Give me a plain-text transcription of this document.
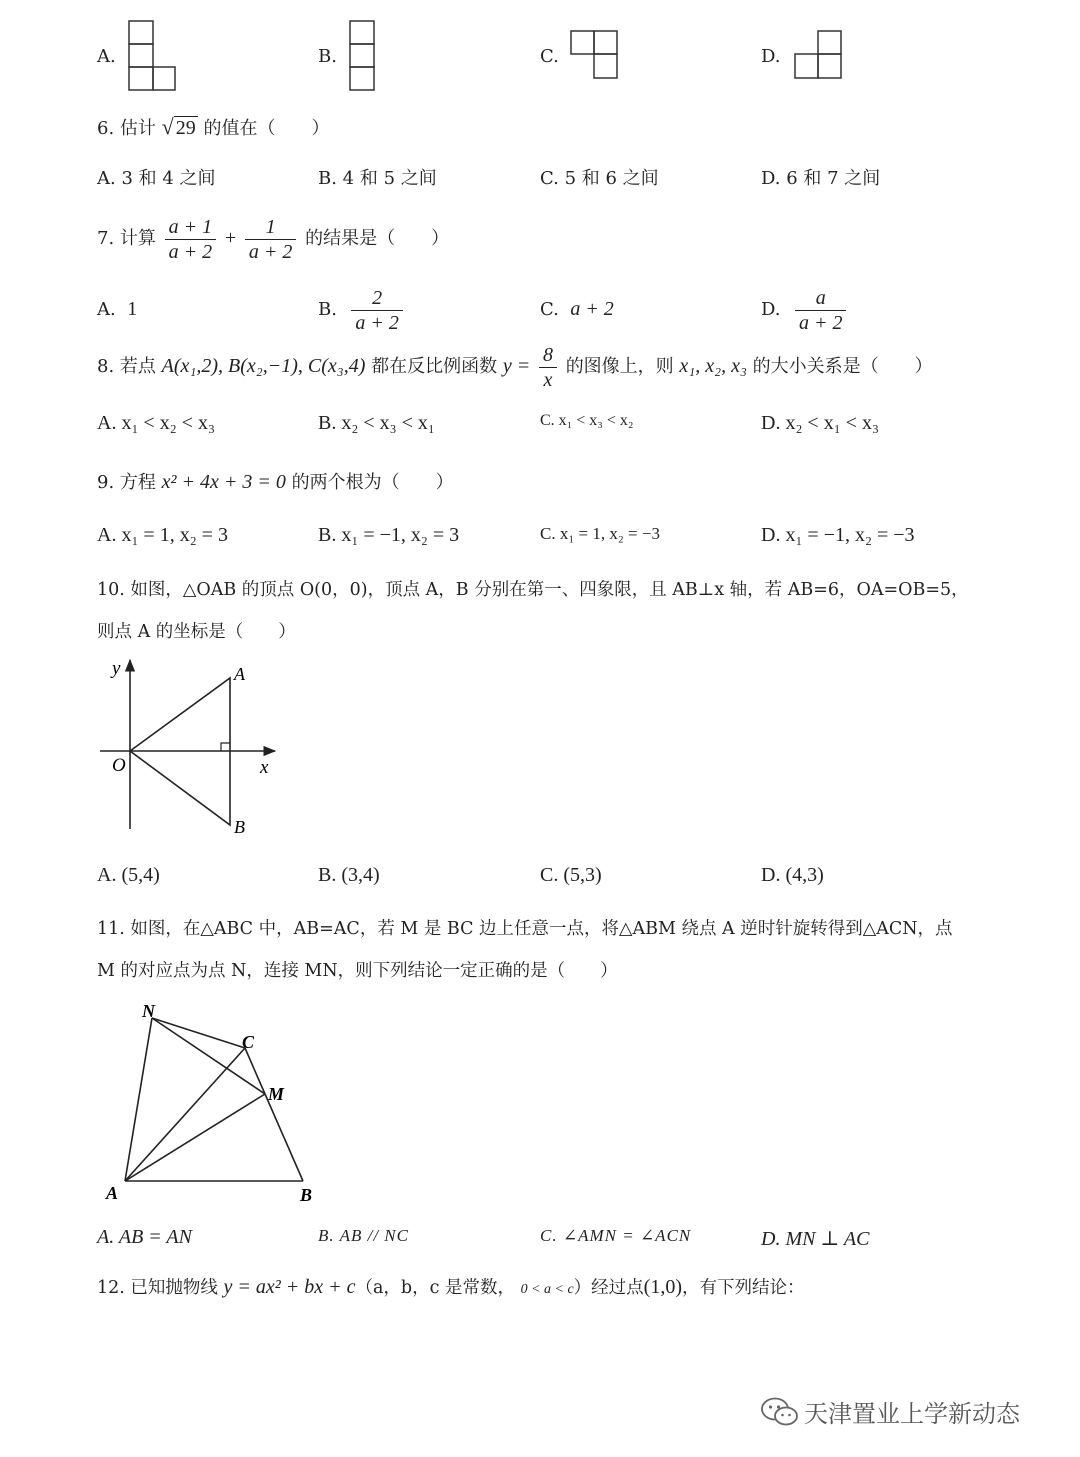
A.	B.	C.	D.
6. 估计 √ 29 的值在（　　）
A. 3 和 4 之间	B. 4 和 5 之间	C. 5 和 6 之间	D. 6 和 7 之间
7. 计算 $\frac{a + 1}{a + 2} + \frac{1}{a + 2}$ 的结果是（　　）
A. 1	B. $\frac{2}{a + 2}$	C. a + 2	D. $\frac{a}{a + 2}$
8. 若点 A(x₁,2), B(x₂,−1), C(x₃,4) 都在反比例函数 $y = \frac{8}{x}$ 的图像上，则 x₁, x₂, x₃ 的大小关系是（　　）
A. x₁ < x₂ < x₃	B. x₂ < x₃ < x₁	C. x₁ < x₃ < x₂	D. x₂ < x₁ < x₃
9. 方程 x² + 4x + 3 = 0 的两个根为（　　）
A. x₁ = 1, x₂ = 3	B. x₁ = −1, x₂ = 3	C. x₁ = 1, x₂ = −3	D. x₁ = −1, x₂ = −3
10. 如图，△OAB 的顶点 O(0，0)，顶点 A，B 分别在第一、四象限，且 AB⊥x 轴，若 AB=6，OA=OB=5，
则点 A 的坐标是（　　）
y
x
O
A
B
A. (5,4)	B. (3,4)	C. (5,3)	D. (4,3)
11. 如图，在△ABC 中，AB=AC，若 M 是 BC 边上任意一点，将△ABM 绕点 A 逆时针旋转得到△ACN，点
M 的对应点为点 N，连接 MN，则下列结论一定正确的是（　　）
N
C
M
A	B
A. AB = AN	B. AB // NC	C. ∠AMN = ∠ACN	D. MN ⊥ AC
12. 已知抛物线 y = ax² + bx + c（a，b，c 是常数， 0 < a < c）经过点(1,0)，有下列结论：
天津置业上学新动态
